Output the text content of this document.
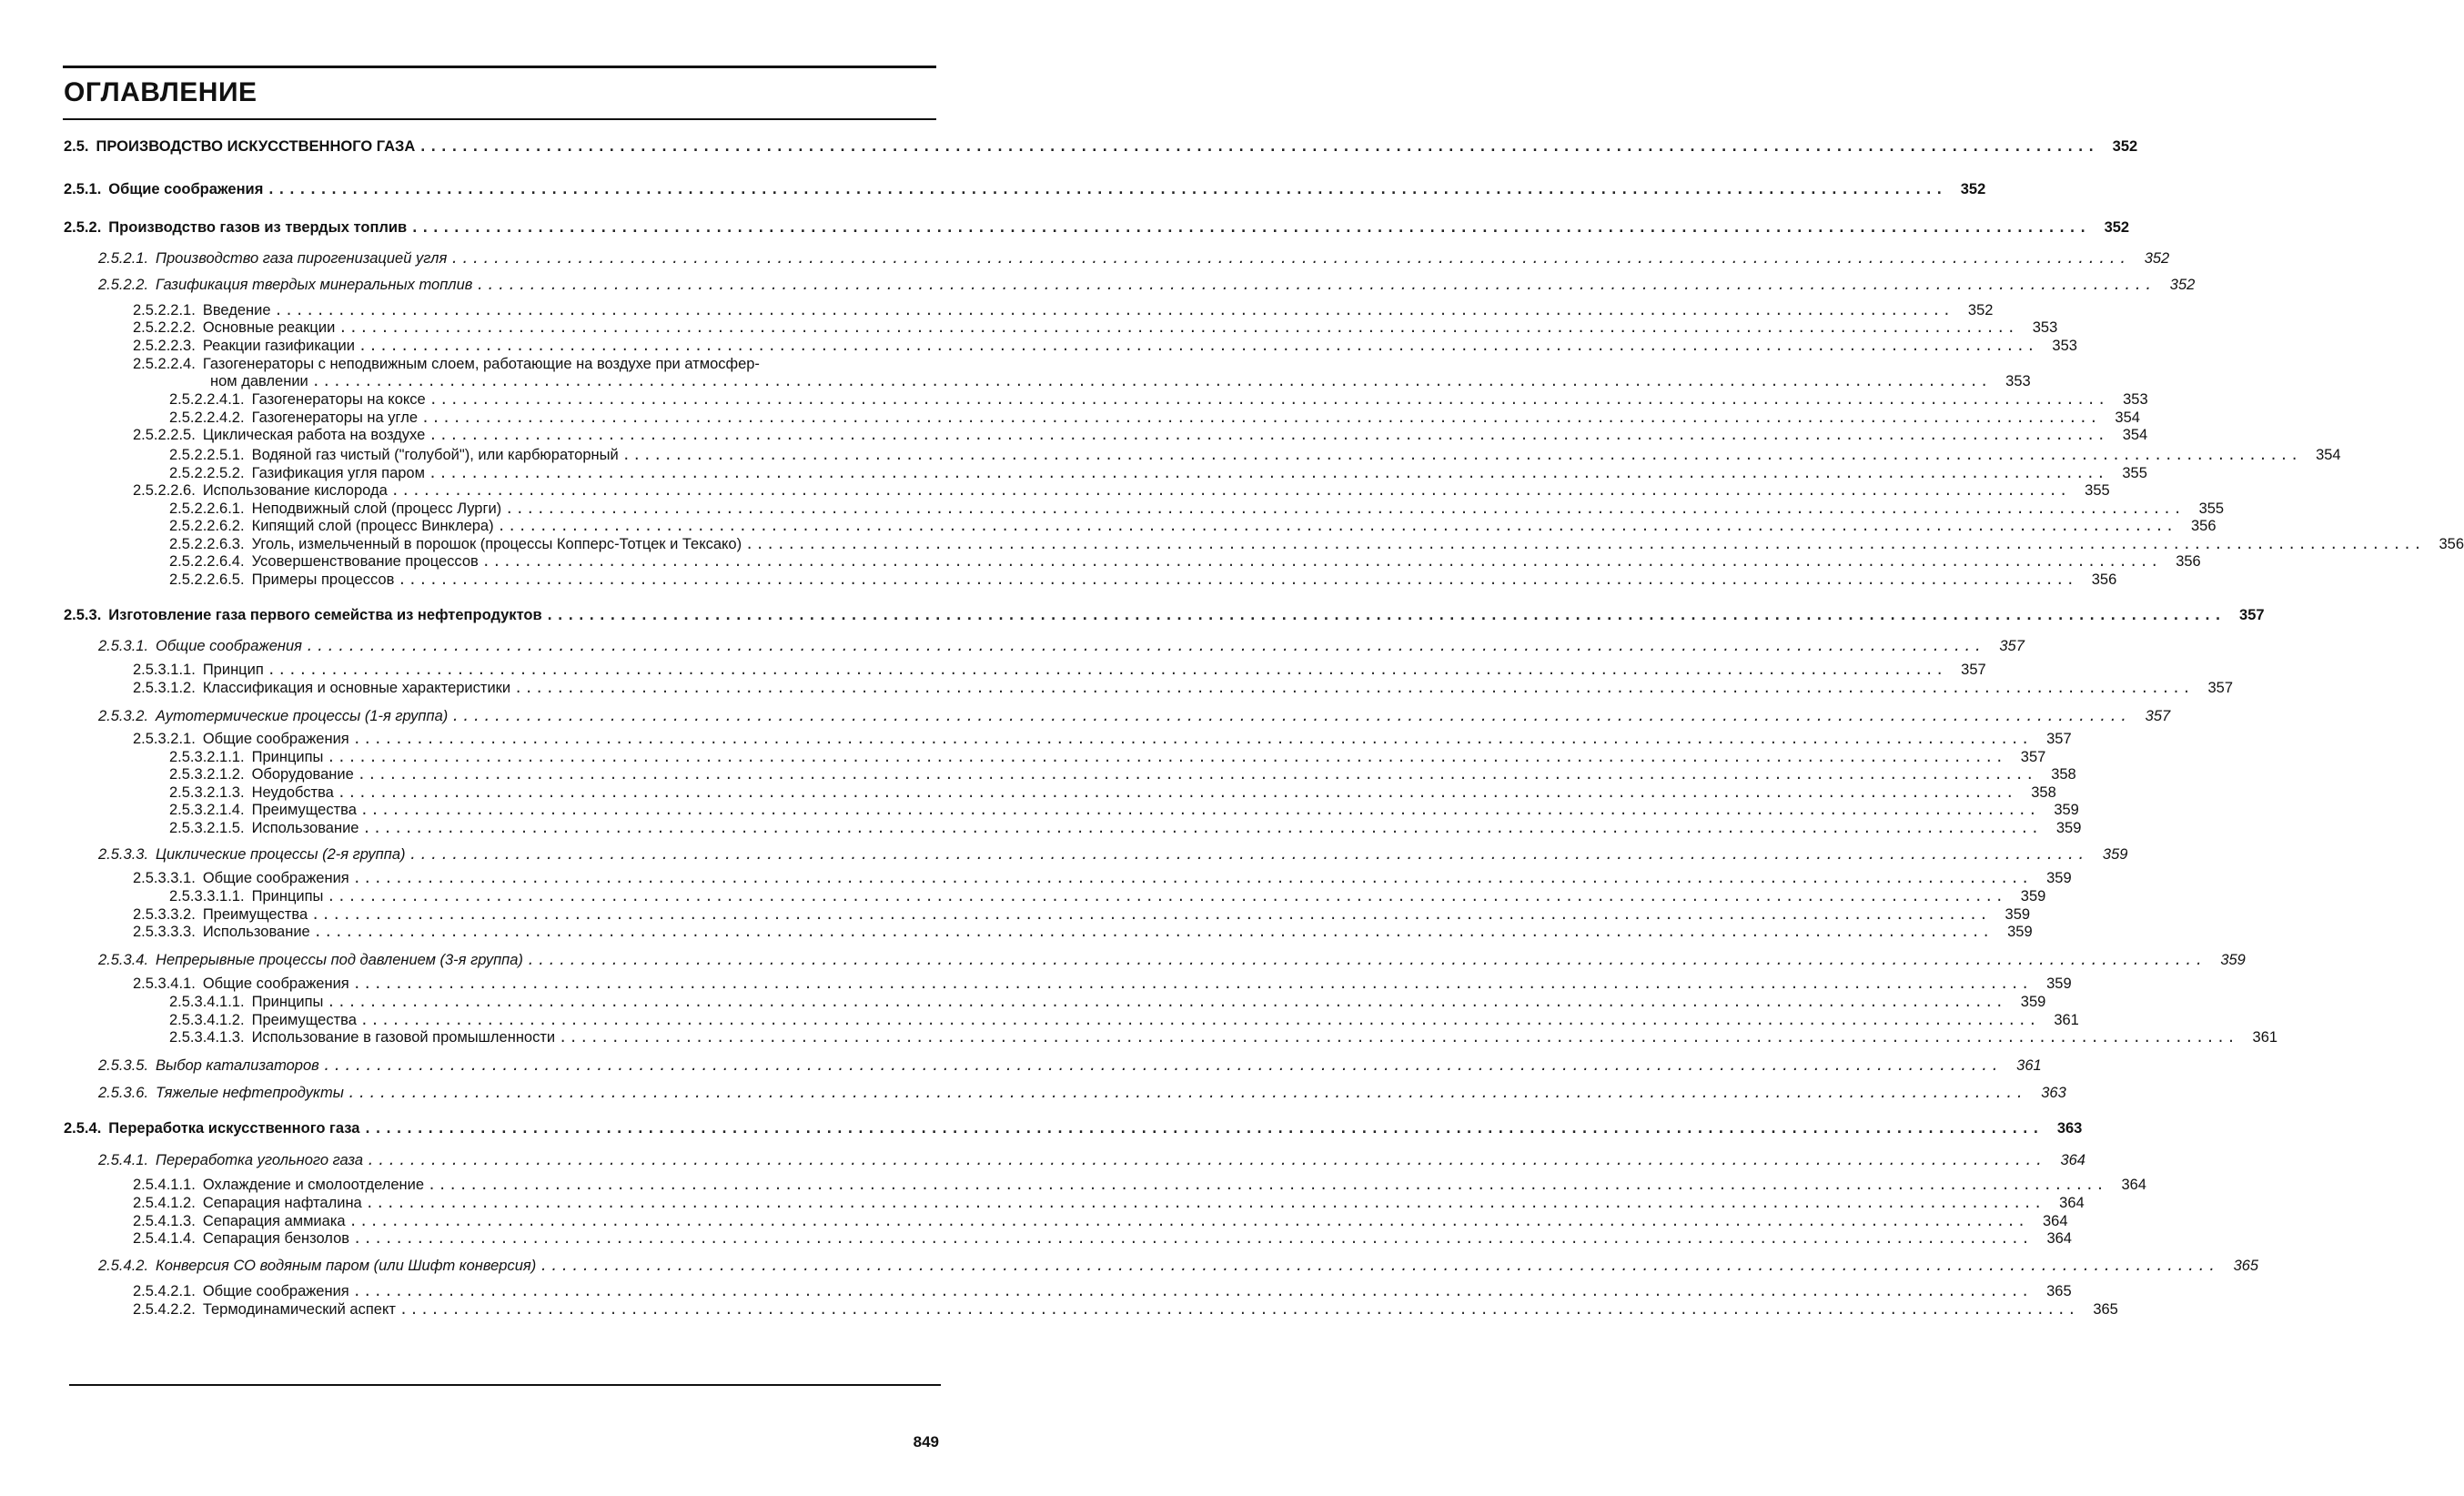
ОГЛАВЛЕНИЕ
2.5. ПРОИЗВОДСТВО ИСКУССТВЕННОГО ГАЗА ................................................................................................................................................................ 352
2.5.1. Общие соображения ................................................................................................................................................................ 352
2.5.2. Производство газов из твердых топлив ................................................................................................................................................................ 352
2.5.2.1. Производство газа пирогенизацией угля ................................................................................................................................................................ 352
2.5.2.2. Газификация твердых минеральных топлив ................................................................................................................................................................ 352
2.5.2.2.1. Введение ................................................................................................................................................................ 352
2.5.2.2.2. Основные реакции ................................................................................................................................................................ 353
2.5.2.2.3. Реакции газификации ................................................................................................................................................................ 353
2.5.2.2.4. Газогенераторы с неподвижным слоем, работающие на воздухе при атмосфер-
ном давлении ................................................................................................................................................................ 353
2.5.2.2.4.1. Газогенераторы на коксе ................................................................................................................................................................ 353
2.5.2.2.4.2. Газогенераторы на угле ................................................................................................................................................................ 354
2.5.2.2.5. Циклическая работа на воздухе ................................................................................................................................................................ 354
2.5.2.2.5.1. Водяной газ чистый ("голубой"), или карбюраторный ................................................................................................................................................................ 354
2.5.2.2.5.2. Газификация угля паром ................................................................................................................................................................ 355
2.5.2.2.6. Использование кислорода ................................................................................................................................................................ 355
2.5.2.2.6.1. Неподвижный слой (процесс Лурги) ................................................................................................................................................................ 355
2.5.2.2.6.2. Кипящий слой (процесс Винклера) ................................................................................................................................................................ 356
2.5.2.2.6.3. Уголь, измельченный в порошок (процессы Копперс-Тотцек и Тексако) ................................................................................................................................................................ 356
2.5.2.2.6.4. Усовершенствование процессов ................................................................................................................................................................ 356
2.5.2.2.6.5. Примеры процессов ................................................................................................................................................................ 356
2.5.3. Изготовление газа первого семейства из нефтепродуктов ................................................................................................................................................................ 357
2.5.3.1. Общие соображения ................................................................................................................................................................ 357
2.5.3.1.1. Принцип ................................................................................................................................................................ 357
2.5.3.1.2. Классификация и основные характеристики ................................................................................................................................................................ 357
2.5.3.2. Аутотермические процессы (1-я группа) ................................................................................................................................................................ 357
2.5.3.2.1. Общие соображения ................................................................................................................................................................ 357
2.5.3.2.1.1. Принципы ................................................................................................................................................................ 357
2.5.3.2.1.2. Оборудование ................................................................................................................................................................ 358
2.5.3.2.1.3. Неудобства ................................................................................................................................................................ 358
2.5.3.2.1.4. Преимущества ................................................................................................................................................................ 359
2.5.3.2.1.5. Использование ................................................................................................................................................................ 359
2.5.3.3. Циклические процессы (2-я группа) ................................................................................................................................................................ 359
2.5.3.3.1. Общие соображения ................................................................................................................................................................ 359
2.5.3.3.1.1. Принципы ................................................................................................................................................................ 359
2.5.3.3.2. Преимущества ................................................................................................................................................................ 359
2.5.3.3.3. Использование ................................................................................................................................................................ 359
2.5.3.4. Непрерывные процессы под давлением (3-я группа) ................................................................................................................................................................ 359
2.5.3.4.1. Общие соображения ................................................................................................................................................................ 359
2.5.3.4.1.1. Принципы ................................................................................................................................................................ 359
2.5.3.4.1.2. Преимущества ................................................................................................................................................................ 361
2.5.3.4.1.3. Использование в газовой промышленности ................................................................................................................................................................ 361
2.5.3.5. Выбор катализаторов ................................................................................................................................................................ 361
2.5.3.6. Тяжелые нефтепродукты ................................................................................................................................................................ 363
2.5.4. Переработка искусственного газа ................................................................................................................................................................ 363
2.5.4.1. Переработка угольного газа ................................................................................................................................................................ 364
2.5.4.1.1. Охлаждение и смолоотделение ................................................................................................................................................................ 364
2.5.4.1.2. Сепарация нафталина ................................................................................................................................................................ 364
2.5.4.1.3. Сепарация аммиака ................................................................................................................................................................ 364
2.5.4.1.4. Сепарация бензолов ................................................................................................................................................................ 364
2.5.4.2. Конверсия СО водяным паром (или Шифт конверсия) ................................................................................................................................................................ 365
2.5.4.2.1. Общие соображения ................................................................................................................................................................ 365
2.5.4.2.2. Термодинамический аспект ................................................................................................................................................................ 365
849
